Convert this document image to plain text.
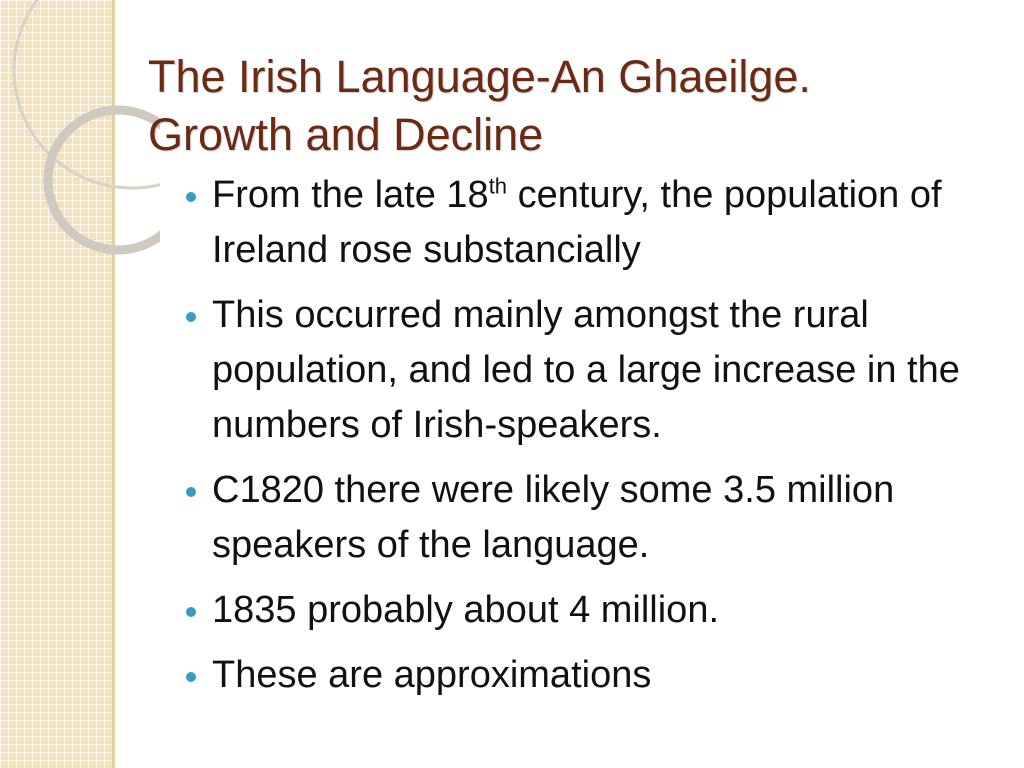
The Irish Language-An Ghaeilge.
Growth and Decline
From the late 18th century, the population of Ireland rose substancially
This occurred mainly amongst the rural population, and led to a large increase in the numbers of Irish-speakers.
C1820 there were likely some 3.5 million speakers of the language.
1835 probably about 4 million.
These are approximations
